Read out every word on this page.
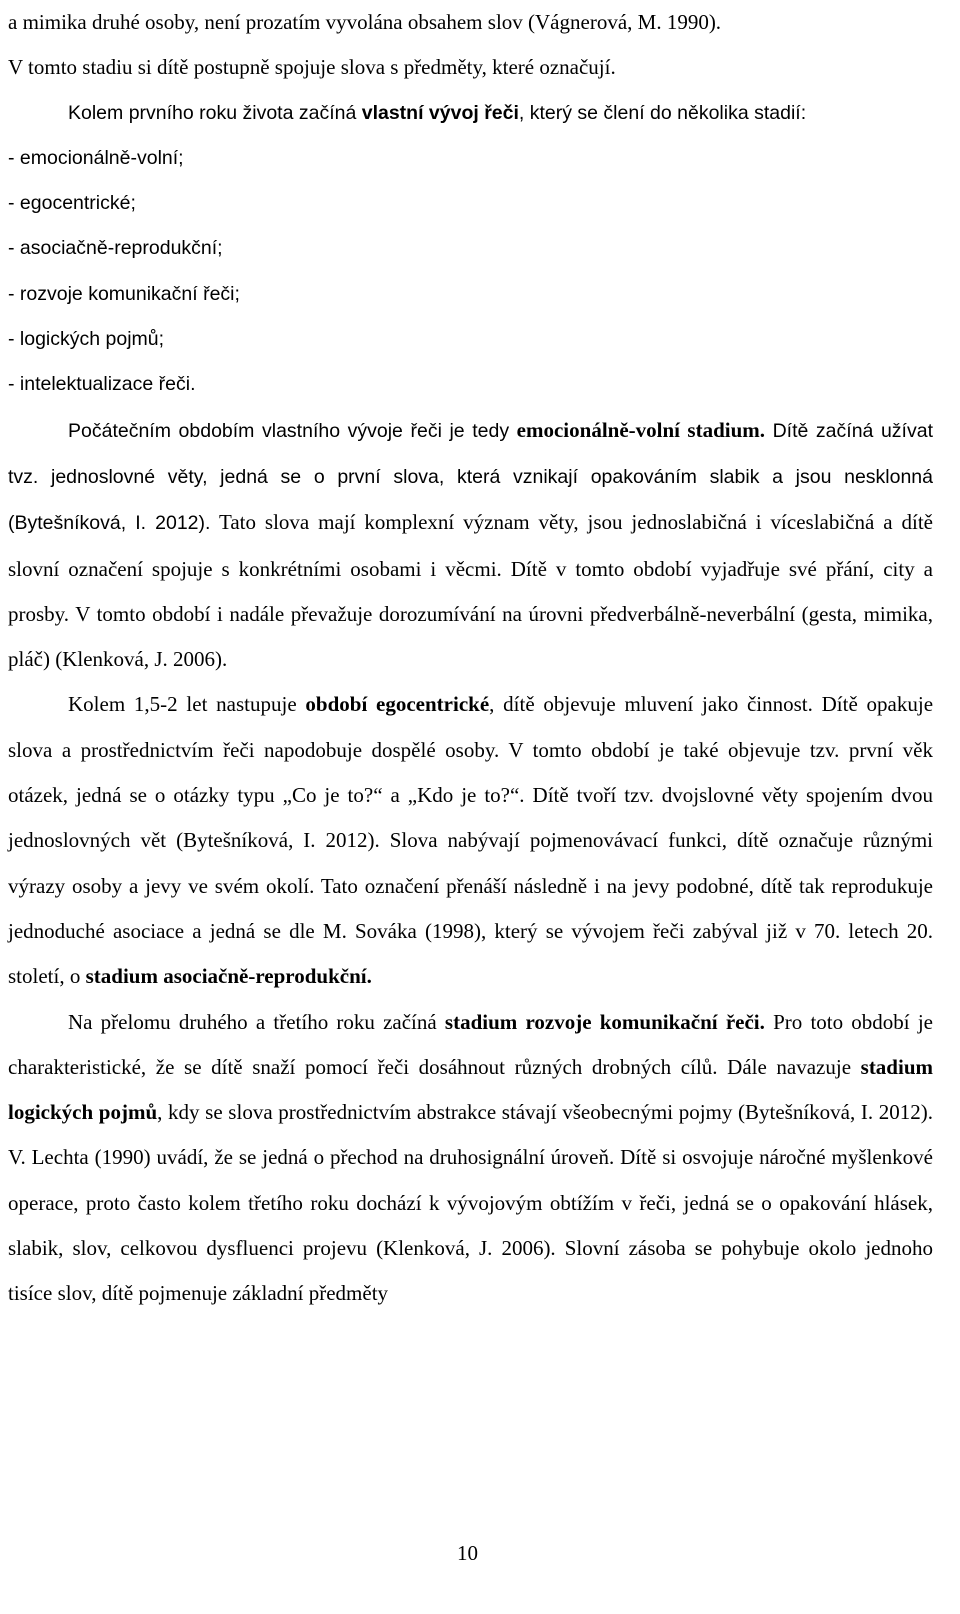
a mimika druhé osoby, není prozatím vyvolána obsahem slov (Vágnerová, M. 1990).
V tomto stadiu si dítě postupně spojuje slova s předměty, které označují.

Kolem prvního roku života začíná vlastní vývoj řeči, který se člení do několika stadií:

- emocionálně-volní;

- egocentrické;

- asociačně-reprodukční;

- rozvoje komunikační řeči;

- logických pojmů;

- intelektualizace řeči.

Počátečním obdobím vlastního vývoje řeči je tedy emocionálně-volní stadium. Dítě začíná užívat tvz. jednoslovné věty, jedná se o první slova, která vznikají opakováním slabik a jsou nesklonná (Bytešníková, I. 2012). Tato slova mají komplexní význam věty, jsou jednoslabičná i víceslabičná a dítě slovní označení spojuje s konkrétními osobami i věcmi. Dítě v tomto období vyjadřuje své přání, city a prosby. V tomto období i nadále převažuje dorozumívání na úrovni předverbálně-neverbální (gesta, mimika, pláč) (Klenková, J. 2006).

Kolem 1,5-2 let nastupuje období egocentrické, dítě objevuje mluvení jako činnost. Dítě opakuje slova a prostřednictvím řeči napodobuje dospělé osoby. V tomto období je také objevuje tzv. první věk otázek, jedná se o otázky typu „Co je to?“ a „Kdo je to?“. Dítě tvoří tzv. dvojslovné věty spojením dvou jednoslovných vět (Bytešníková, I. 2012). Slova nabývají pojmenovávací funkci, dítě označuje různými výrazy osoby a jevy ve svém okolí. Tato označení přenáší následně i na jevy podobné, dítě tak reprodukuje jednoduché asociace a jedná se dle M. Sováka (1998), který se vývojem řeči zabýval již v 70. letech 20. století, o stadium asociačně-reprodukční.

Na přelomu druhého a třetího roku začíná stadium rozvoje komunikační řeči. Pro toto období je charakteristické, že se dítě snaží pomocí řeči dosáhnout různých drobných cílů. Dále navazuje stadium logických pojmů, kdy se slova prostřednictvím abstrakce stávají všeobecnými pojmy (Bytešníková, I. 2012). V. Lechta (1990) uvádí, že se jedná o přechod na druhosignální úroveň. Dítě si osvojuje náročné myšlenkové operace, proto často kolem třetího roku dochází k vývojovým obtížím v řeči, jedná se o opakování hlásek, slabik, slov, celkovou dysfluenci projevu (Klenková, J. 2006). Slovní zásoba se pohybuje okolo jednoho tisíce slov, dítě pojmenuje základní předměty

10
